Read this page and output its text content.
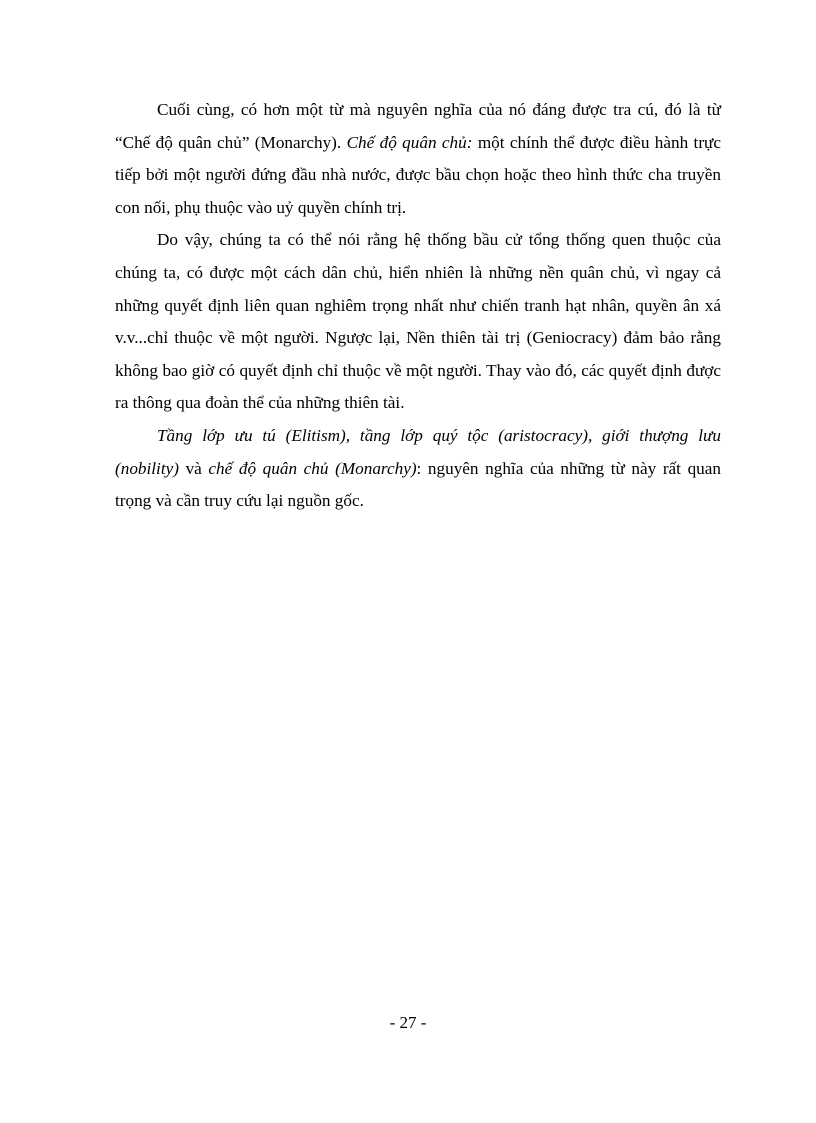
Cuối cùng, có hơn một từ mà nguyên nghĩa của nó đáng được tra cú, đó là từ “Chế độ quân chủ” (Monarchy). Chế độ quân chủ: một chính thể được điều hành trực tiếp bởi một người đứng đầu nhà nước, được bầu chọn hoặc theo hình thức cha truyền con nối, phụ thuộc vào uỷ quyền chính trị.

Do vậy, chúng ta có thể nói rằng hệ thống bầu cử tổng thống quen thuộc của chúng ta, có được một cách dân chủ, hiển nhiên là những nền quân chủ, vì ngay cả những quyết định liên quan nghiêm trọng nhất như chiến tranh hạt nhân, quyền ân xá v.v...chỉ thuộc về một người. Ngược lại, Nền thiên tài trị (Geniocracy) đảm bảo rằng không bao giờ có quyết định chỉ thuộc về một người. Thay vào đó, các quyết định được ra thông qua đoàn thể của những thiên tài.

Tầng lớp ưu tú (Elitism), tầng lớp quý tộc (aristocracy), giới thượng lưu (nobility) và chế độ quân chủ (Monarchy): nguyên nghĩa của những từ này rất quan trọng và cần truy cứu lại nguồn gốc.

- 27 -
